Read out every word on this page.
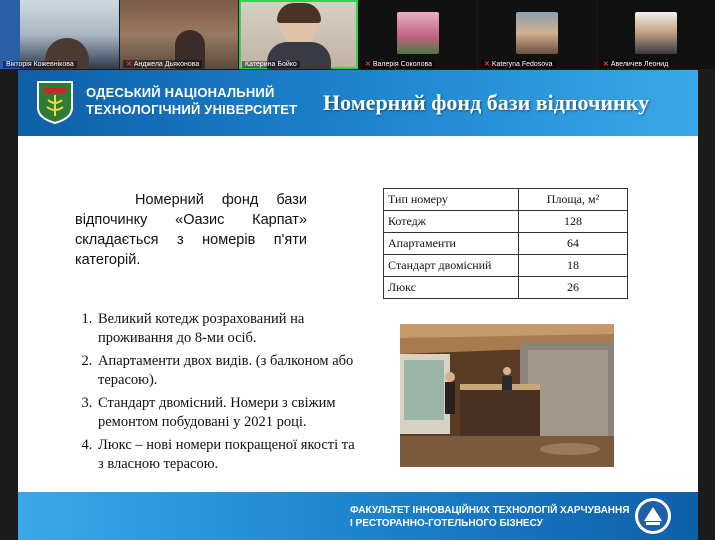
Вікторія Кожевнікова	✕ Анджела Дьяконова	Катерина Бойко	✕ Валерія Соколова	✕ Kateryna Fedosova	✕ Авеличев Леонид
ОДЕСЬКИЙ НАЦІОНАЛЬНИЙ
ТЕХНОЛОГІЧНИЙ УНІВЕРСИТЕТ Номерний фонд бази відпочинку
Номерний фонд бази відпочинку «Оазис Карпат» складається з номерів п'яти категорій.
Тип номеру	Площа, м²
Котедж	128
Апартаменти	64
Стандарт двомісний	18
Люкс	26
1. Великий котедж розрахований на проживання до 8-ми осіб.
2. Апартаменти двох видів. (з балконом або терасою).
3. Стандарт двомісний. Номери з свіжим ремонтом побудовані у 2021 році.
4. Люкс – нові номери покращеної якості та з власною терасою.
ФАКУЛЬТЕТ ІННОВАЦІЙНИХ ТЕХНОЛОГІЙ ХАРЧУВАННЯ
І РЕСТОРАННО-ГОТЕЛЬНОГО БІЗНЕСУ
